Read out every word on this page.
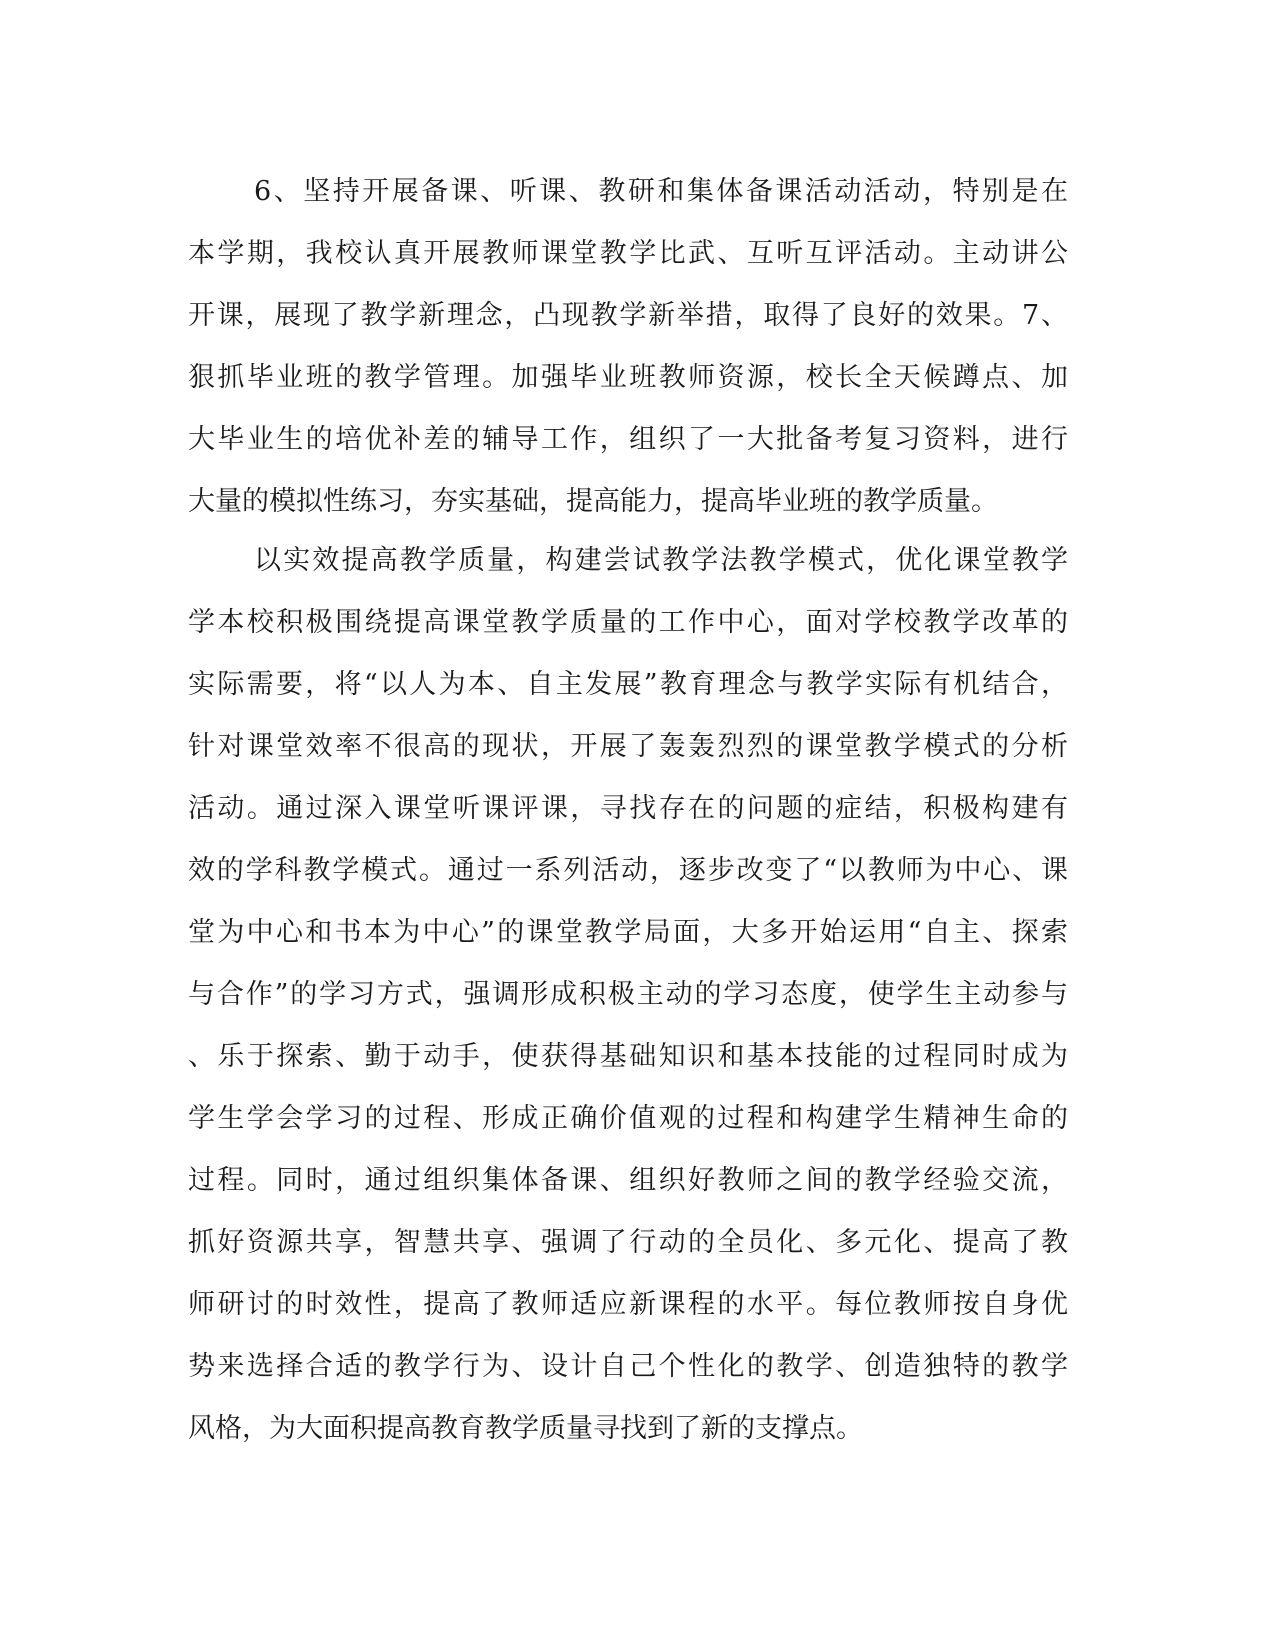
6、坚持开展备课、听课、教研和集体备课活动活动，特别是在
本学期，我校认真开展教师课堂教学比武、互听互评活动。主动讲公
开课，展现了教学新理念，凸现教学新举措，取得了良好的效果。7、
狠抓毕业班的教学管理。加强毕业班教师资源，校长全天候蹲点、加
大毕业生的培优补差的辅导工作，组织了一大批备考复习资料，进行
大量的模拟性练习，夯实基础，提高能力，提高毕业班的教学质量。
以实效提高教学质量，构建尝试教学法教学模式，优化课堂教学
学本校积极围绕提高课堂教学质量的工作中心，面对学校教学改革的
实际需要，将“以人为本、自主发展”教育理念与教学实际有机结合，
针对课堂效率不很高的现状，开展了轰轰烈烈的课堂教学模式的分析
活动。通过深入课堂听课评课，寻找存在的问题的症结，积极构建有
效的学科教学模式。通过一系列活动，逐步改变了“以教师为中心、课
堂为中心和书本为中心”的课堂教学局面，大多开始运用“自主、探索
与合作”的学习方式，强调形成积极主动的学习态度，使学生主动参与
、乐于探索、勤于动手，使获得基础知识和基本技能的过程同时成为
学生学会学习的过程、形成正确价值观的过程和构建学生精神生命的
过程。同时，通过组织集体备课、组织好教师之间的教学经验交流，
抓好资源共享，智慧共享、强调了行动的全员化、多元化、提高了教
师研讨的时效性，提高了教师适应新课程的水平。每位教师按自身优
势来选择合适的教学行为、设计自己个性化的教学、创造独特的教学
风格，为大面积提高教育教学质量寻找到了新的支撑点。
